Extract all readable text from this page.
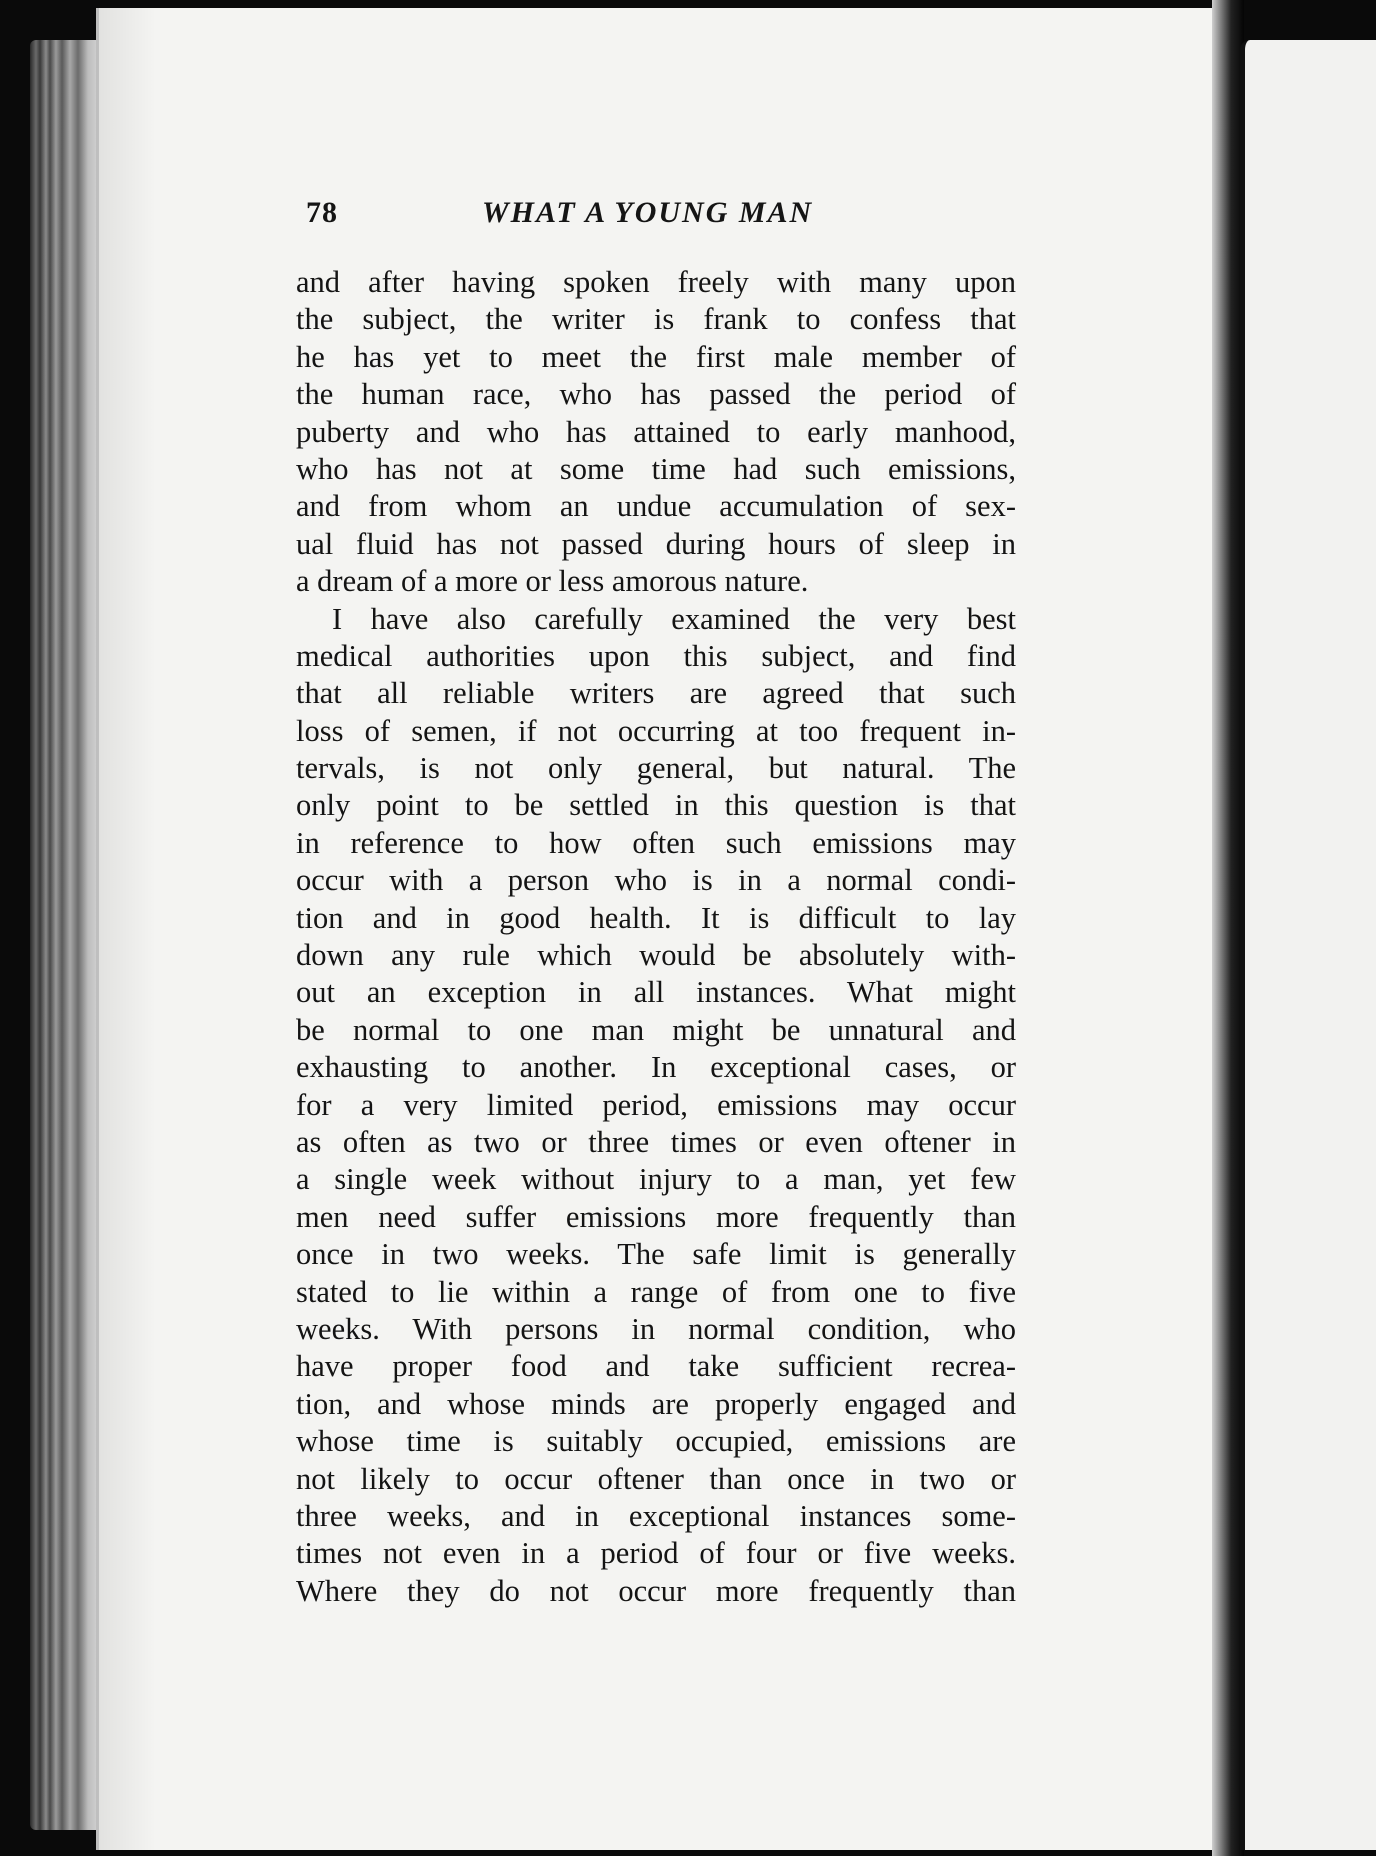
78	WHAT A YOUNG MAN
and after having spoken freely with many upon
the subject, the writer is frank to confess that
he has yet to meet the first male member of
the human race, who has passed the period of
puberty and who has attained to early manhood,
who has not at some time had such emissions,
and from whom an undue accumulation of sex-
ual fluid has not passed during hours of sleep in
a dream of a more or less amorous nature.
I have also carefully examined the very best
medical authorities upon this subject, and find
that all reliable writers are agreed that such
loss of semen, if not occurring at too frequent in-
tervals, is not only general, but natural. The
only point to be settled in this question is that
in reference to how often such emissions may
occur with a person who is in a normal condi-
tion and in good health. It is difficult to lay
down any rule which would be absolutely with-
out an exception in all instances. What might
be normal to one man might be unnatural and
exhausting to another. In exceptional cases, or
for a very limited period, emissions may occur
as often as two or three times or even oftener in
a single week without injury to a man, yet few
men need suffer emissions more frequently than
once in two weeks. The safe limit is generally
stated to lie within a range of from one to five
weeks. With persons in normal condition, who
have proper food and take sufficient recrea-
tion, and whose minds are properly engaged and
whose time is suitably occupied, emissions are
not likely to occur oftener than once in two or
three weeks, and in exceptional instances some-
times not even in a period of four or five weeks.
Where they do not occur more frequently than
